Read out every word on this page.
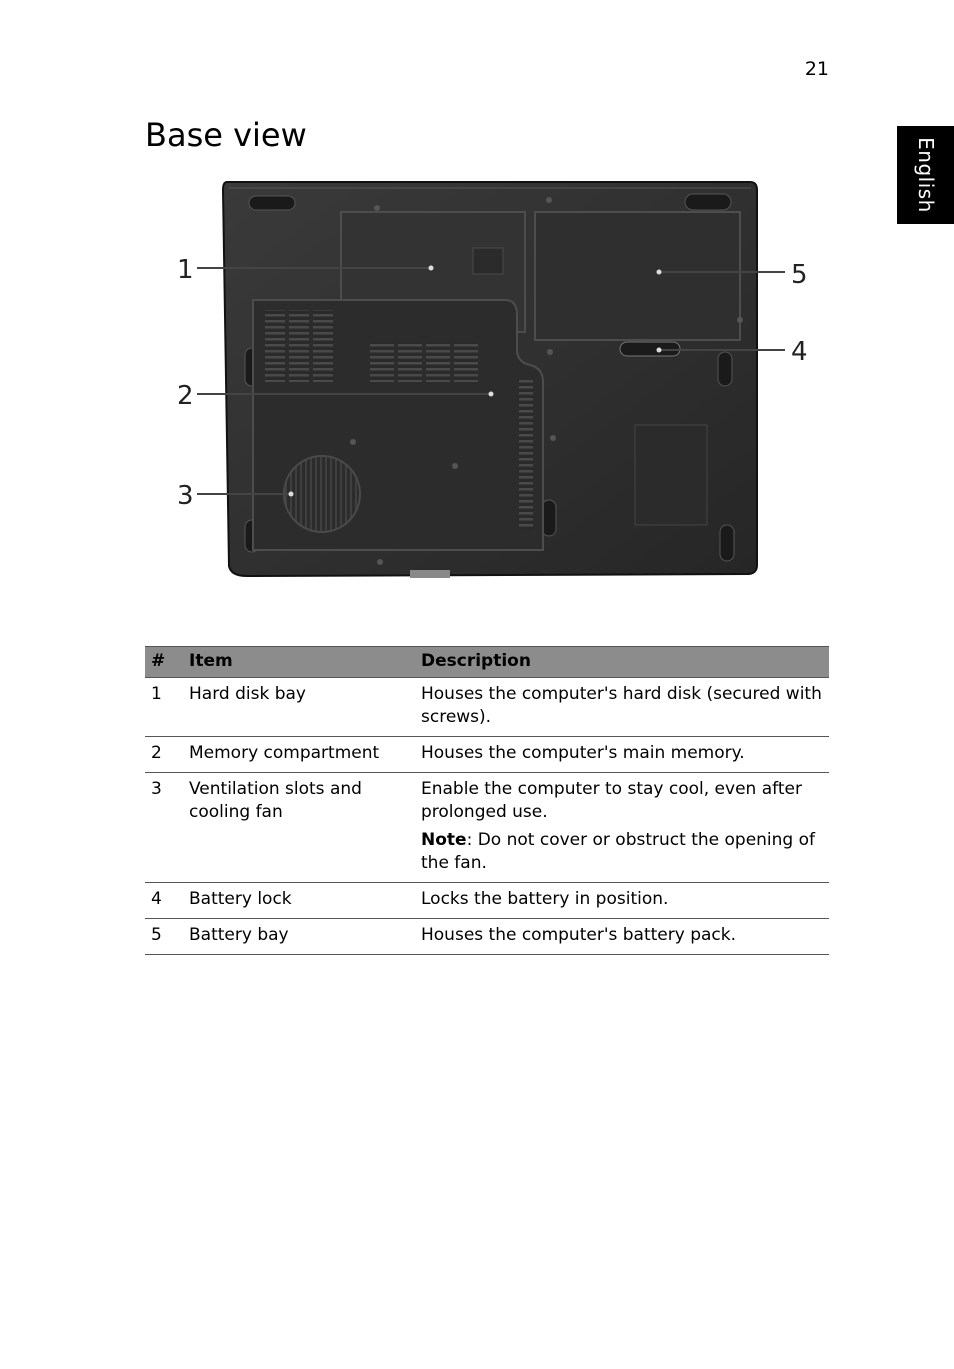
21
English
Base view
1
2
3
4
5
#	Item	Description
1	Hard disk bay	Houses the computer's hard disk (secured with screws).
2	Memory compartment	Houses the computer's main memory.
3	Ventilation slots and cooling fan	Enable the computer to stay cool, even after prolonged use.
Note: Do not cover or obstruct the opening of the fan.

4	Battery lock	Locks the battery in position.
5	Battery bay	Houses the computer's battery pack.
